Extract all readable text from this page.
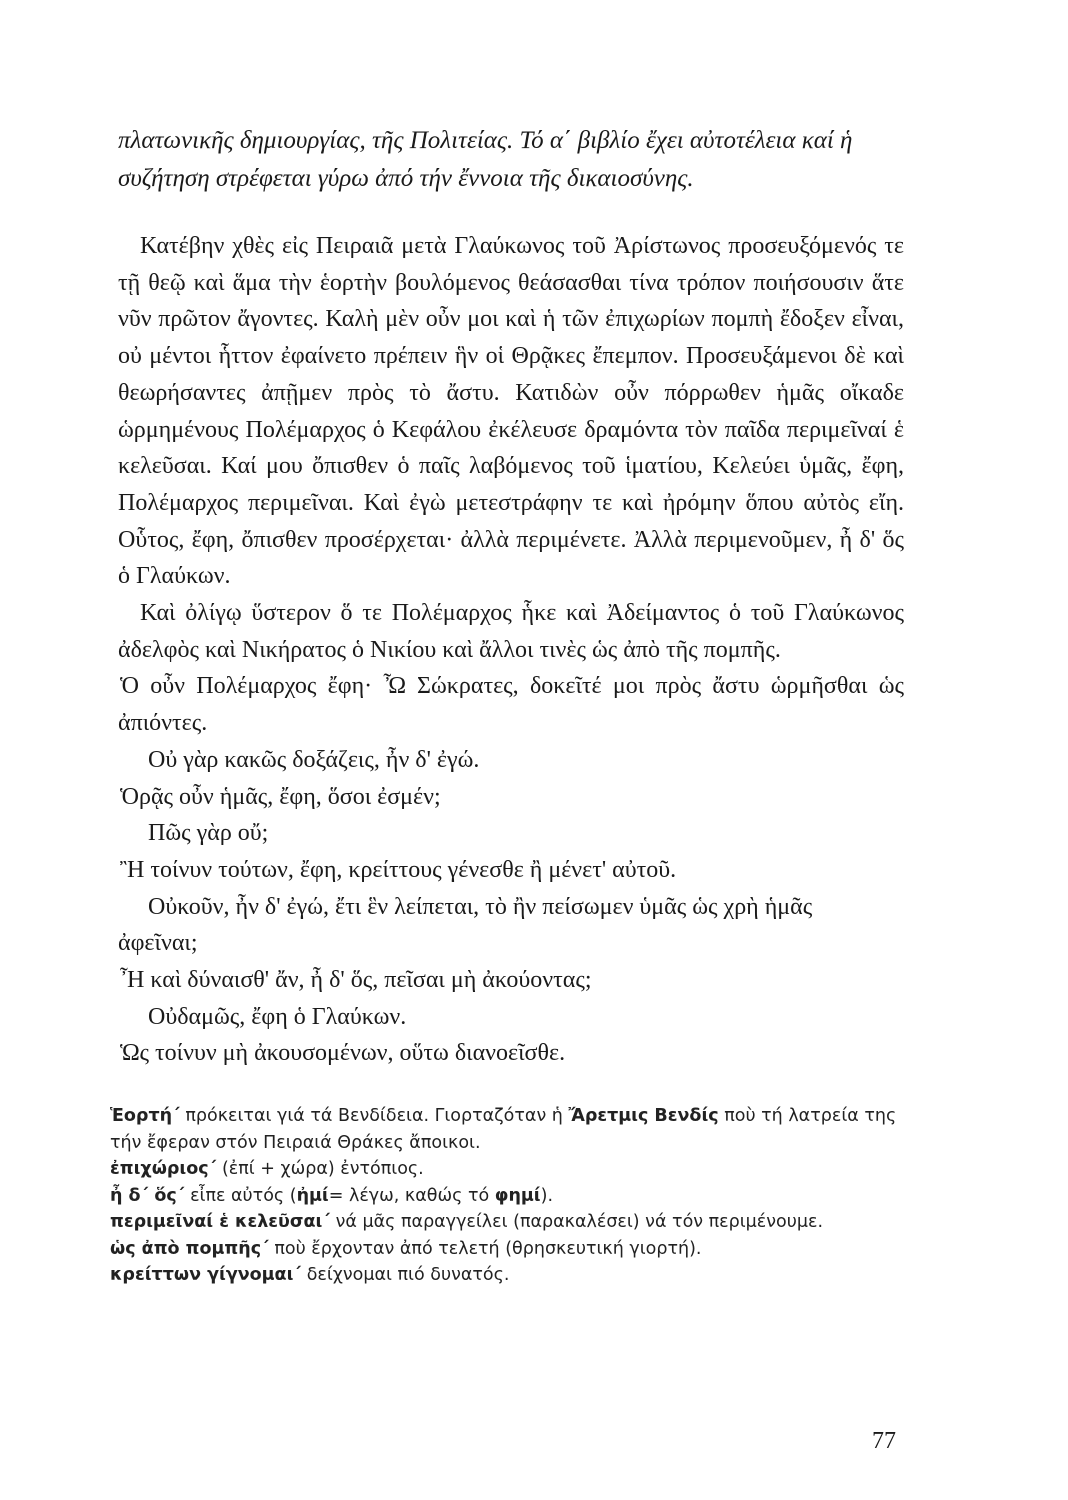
πλατωνικῆς δημιουργίας, τῆς Πολιτείας. Τό α΄ βιβλίο ἔχει αὐτοτέλεια καί ἡ
συζήτηση στρέφεται γύρω ἀπό τήν ἔννοια τῆς δικαιοσύνης.

Κατέβην χθὲς εἰς Πειραιᾶ μετὰ Γλαύκωνος τοῦ Ἀρίστωνος προσευξόμενός τε τῇ θεῷ καὶ ἅμα τὴν ἑορτὴν βουλόμενος θεάσασθαι τίνα τρόπον ποιήσουσιν ἅτε νῦν πρῶτον ἄγοντες. Καλὴ μὲν οὖν μοι καὶ ἡ τῶν ἐπιχωρίων πομπὴ ἔδοξεν εἶναι, οὐ μέντοι ἧττον ἐφαίνετο πρέπειν ἣν οἱ Θρᾷκες ἔπεμπον. Προσευξάμενοι δὲ καὶ θεωρήσαντες ἀπῇμεν πρὸς τὸ ἄστυ. Κατιδὼν οὖν πόρρωθεν ἡμᾶς οἴκαδε ὡρμημένους Πολέμαρχος ὁ Κεφάλου ἐκέλευσε δραμόντα τὸν παῖδα περιμεῖναί ἑ κελεῦσαι. Καί μου ὄπισθεν ὁ παῖς λαβόμενος τοῦ ἱματίου, Κελεύει ὑμᾶς, ἔφη, Πολέμαρχος περιμεῖναι. Καὶ ἐγὼ μετεστράφην τε καὶ ἠρόμην ὅπου αὐτὸς εἴη. Οὗτος, ἔφη, ὄπισθεν προσέρχεται· ἀλλὰ περιμένετε. Ἀλλὰ περιμενοῦμεν, ἦ δ' ὅς ὁ Γλαύκων.

Καὶ ὀλίγῳ ὕστερον ὅ τε Πολέμαρχος ἧκε καὶ Ἀδείμαντος ὁ τοῦ Γλαύκωνος ἀδελφὸς καὶ Νικήρατος ὁ Νικίου καὶ ἄλλοι τινὲς ὡς ἀπὸ τῆς πομπῆς.

Ὁ οὖν Πολέμαρχος ἔφη· Ὦ Σώκρατες, δοκεῖτέ μοι πρὸς ἄστυ ὡρμῆσθαι ὡς ἀπιόντες.

Οὐ γὰρ κακῶς δοξάζεις, ἦν δ' ἐγώ.

Ὁρᾷς οὖν ἡμᾶς, ἔφη, ὅσοι ἐσμέν;

Πῶς γὰρ οὔ;

Ἢ τοίνυν τούτων, ἔφη, κρείττους γένεσθε ἢ μένετ' αὐτοῦ.

Οὐκοῦν, ἦν δ' ἐγώ, ἔτι ἓν λείπεται, τὸ ἢν πείσωμεν ὑμᾶς ὡς χρὴ ἡμᾶς

ἀφεῖναι;

Ἦ καὶ δύναισθ' ἄν, ἦ δ' ὅς, πεῖσαι μὴ ἀκούοντας;

Οὐδαμῶς, ἔφη ὁ Γλαύκων.

Ὡς τοίνυν μὴ ἀκουσομένων, οὕτω διανοεῖσθε.

Ἑορτή΄ πρόκειται γιά τά Βενδίδεια. Γιορταζόταν ἡ Ἄρετμις Βενδίς ποὺ τή λατρεία της τήν ἔφεραν στόν Πειραιά Θράκες ἄποικοι.

ἐπιχώριος΄ (ἐπί + χώρα) ἐντόπιος.

ἦ δ΄ ὅς΄ εἶπε αὐτός (ἠμί= λέγω, καθώς τό φημί).

περιμεῖναί ἑ κελεῦσαι΄ νά μᾶς παραγγείλει (παρακαλέσει) νά τόν περιμένουμε.

ὡς ἀπὸ πομπῆς΄ ποὺ ἔρχονταν ἀπό τελετή (θρησκευτική γιορτή).

κρείττων γίγνομαι΄ δείχνομαι πιό δυνατός.

77
